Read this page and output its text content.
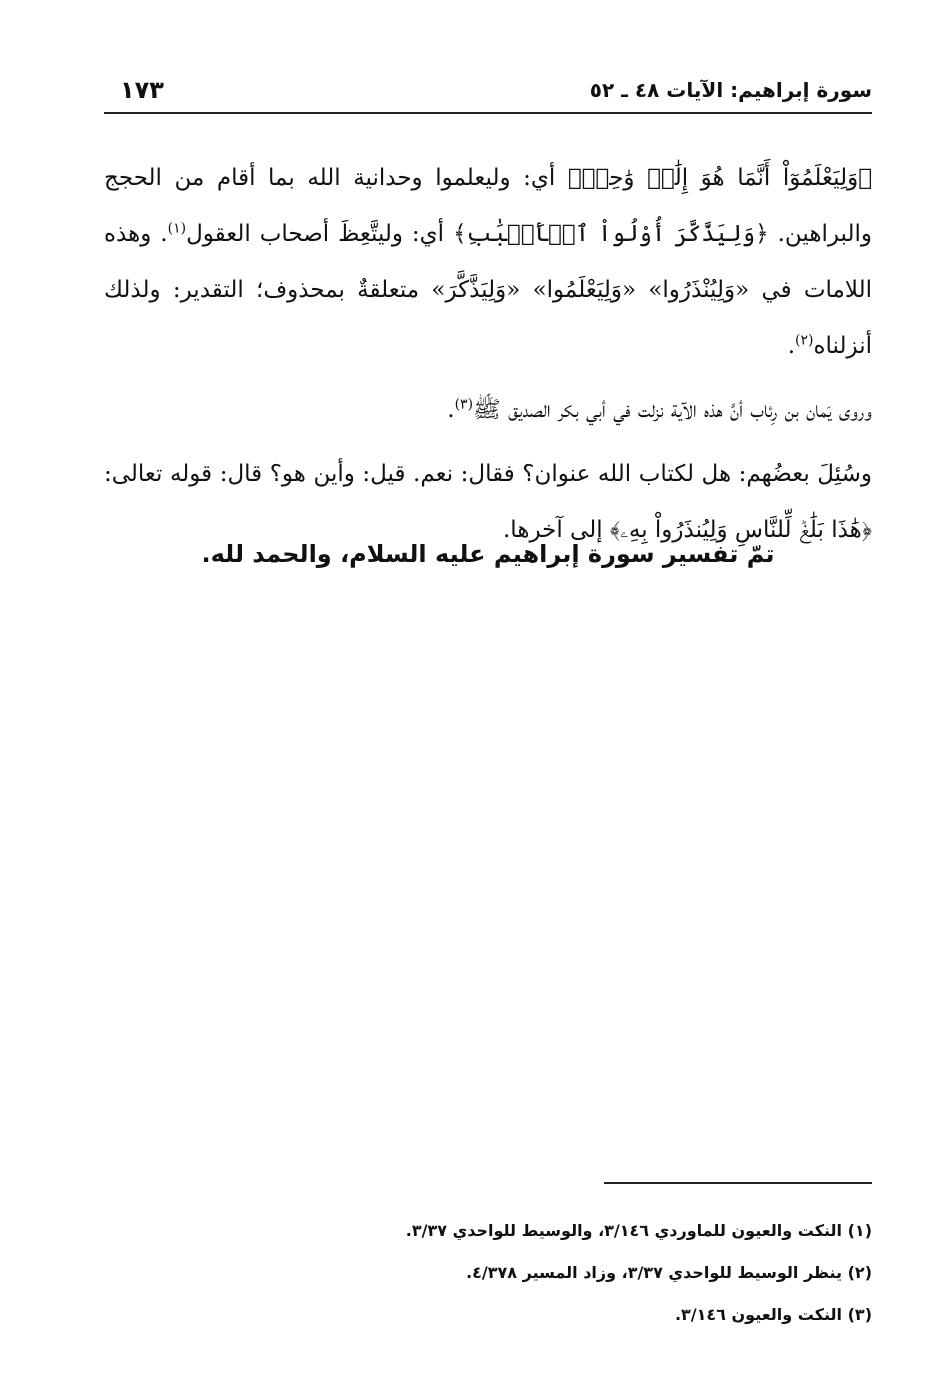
سورة إبراهيم: الآيات ٤٨ ـ ٥٢
١٧٣

﴿وَلِيَعْلَمُوٓاْ أَنَّمَا هُوَ إِلَٰهٞ وَٰحِدٞ﴾ أي: وليعلموا وحدانية الله بما أقام من الحجج والبراهين. ﴿وَلِيَذَّكَّرَ أُوْلُواْ ٱلۡأَلۡبَٰبِ﴾ أي: وليتَّعِظَ أصحاب العقول$^{(١)}$. وهذه اللامات في «وَلِيُنْذَرُوا» «وَلِيَعْلَمُوا» «وَلِيَذَّكَّرَ» متعلقةٌ بمحذوف؛ التقدير: ولذلك أنزلناه$^{(٢)}$.

وروى يَمان بن رِئاب أنَّ هذه الآية نزلت في أبي بكر الصديق ﷺ$^{(٣)}$.

وسُئِلَ بعضُهم: هل لكتاب الله عنوان؟ فقال: نعم. قيل: وأين هو؟ قال: قوله تعالى: ﴿هَٰذَا بَلَٰغٞ لِّلنَّاسِ وَلِيُنذَرُواْ بِهِۦ﴾ إلى آخرها.

تمّ تفسير سورة إبراهيم عليه السلام، والحمد لله.

(١) النكت والعيون للماوردي ٣/١٤٦، والوسيط للواحدي ٣/٣٧.

(٢) ينظر الوسيط للواحدي ٣/٣٧، وزاد المسير ٤/٣٧٨.

(٣) النكت والعيون ٣/١٤٦.
